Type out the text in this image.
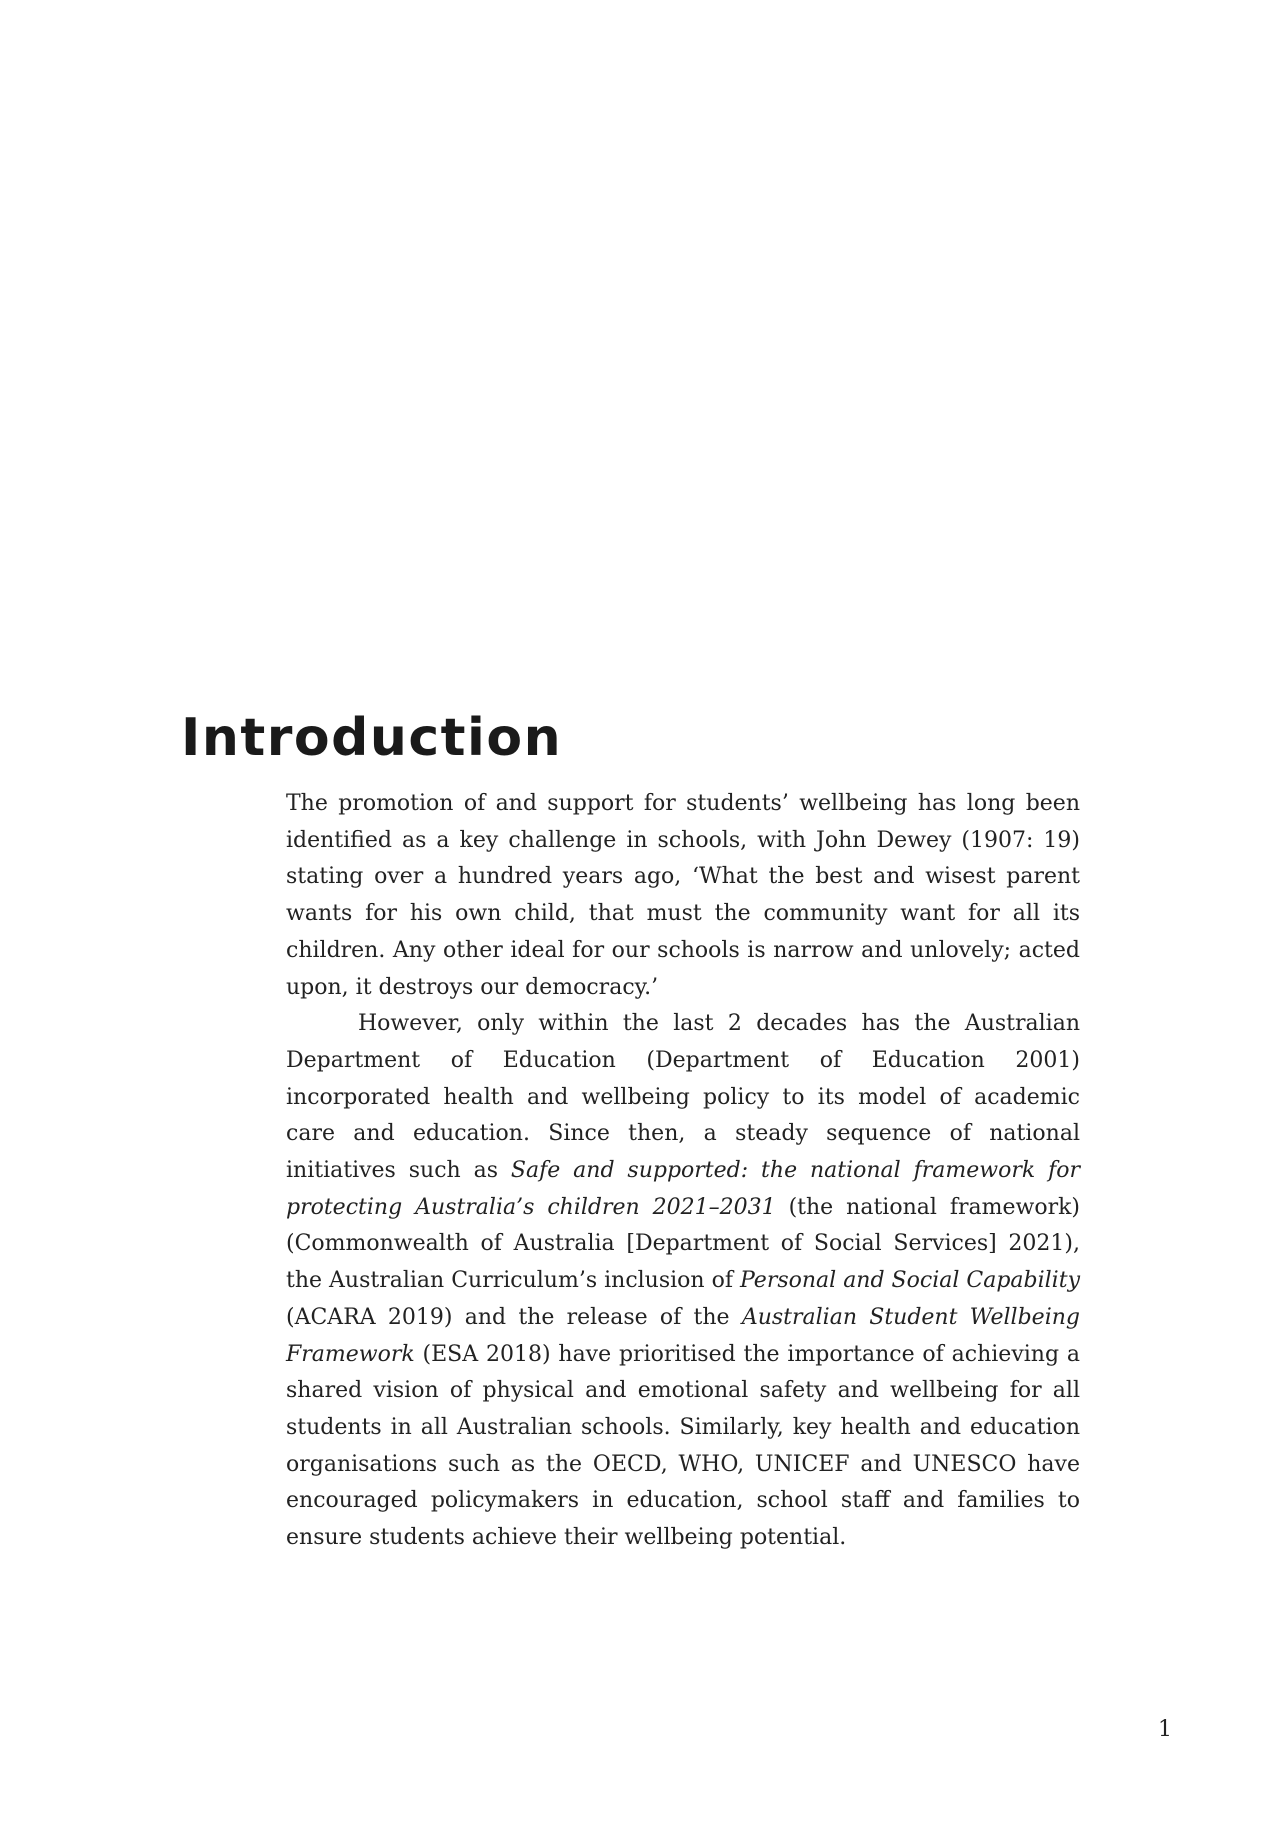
Introduction

The promotion of and support for students’ wellbeing has long been identified as a key challenge in schools, with John Dewey (1907: 19) stating over a hundred years ago, ‘What the best and wisest parent wants for his own child, that must the community want for all its children. Any other ideal for our schools is narrow and unlovely; acted upon, it destroys our democracy.’

However, only within the last 2 decades has the Australian Department of Education (Department of Education 2001) incorporated health and wellbeing policy to its model of academic care and education. Since then, a steady sequence of national initiatives such as Safe and supported: the national framework for protecting Australia’s children 2021–2031 (the national framework) (Commonwealth of Australia [Department of Social Services] 2021), the Australian Curriculum’s inclusion of Personal and Social Capability (ACARA 2019) and the release of the Australian Student Wellbeing Framework (ESA 2018) have prioritised the importance of achieving a shared vision of physical and emotional safety and wellbeing for all students in all Australian schools. Similarly, key health and education organisations such as the OECD, WHO, UNICEF and UNESCO have encouraged policymakers in education, school staff and families to ensure students achieve their wellbeing potential.

1
